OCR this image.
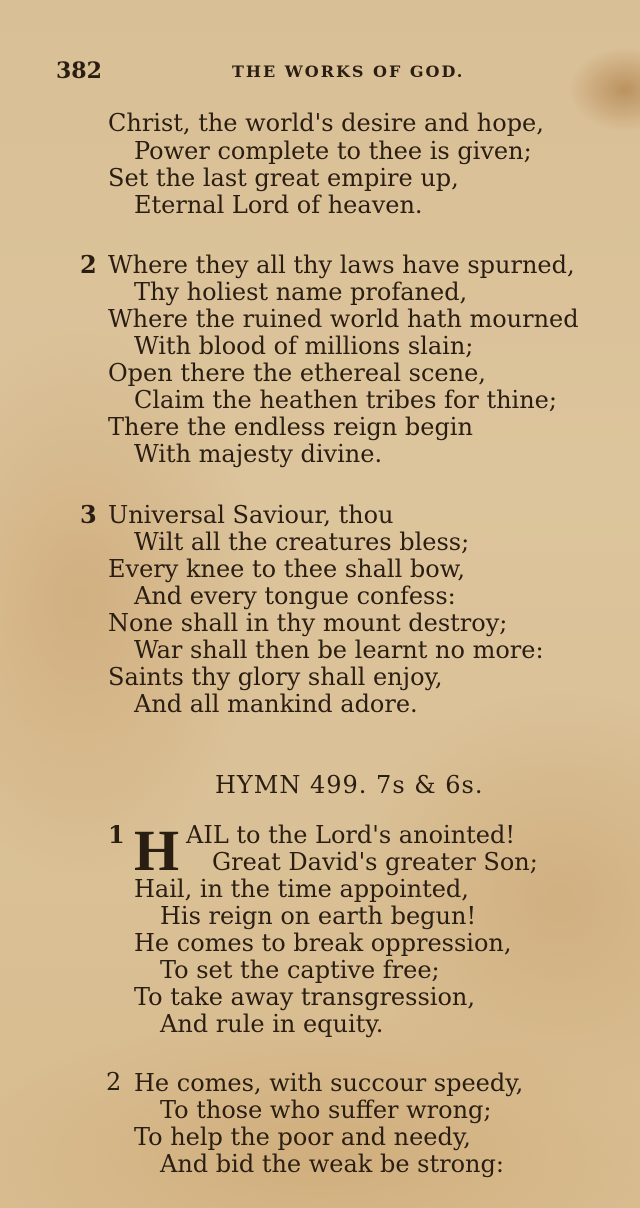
382	THE WORKS OF GOD.
Christ, the world's desire and hope,
Power complete to thee is given;
Set the last great empire up,
Eternal Lord of heaven.
2 Where they all thy laws have spurned,
Thy holiest name profaned,
Where the ruined world hath mourned
With blood of millions slain;
Open there the ethereal scene,
Claim the heathen tribes for thine;
There the endless reign begin
With majesty divine.
3 Universal Saviour, thou
Wilt all the creatures bless;
Every knee to thee shall bow,
And every tongue confess:
None shall in thy mount destroy;
War shall then be learnt no more:
Saints thy glory shall enjoy,
And all mankind adore.
HYMN 499. 7s & 6s.
1 H AIL to the Lord's anointed!
Great David's greater Son;
Hail, in the time appointed,
His reign on earth begun!
He comes to break oppression,
To set the captive free;
To take away transgression,
And rule in equity.
2 He comes, with succour speedy,
To those who suffer wrong;
To help the poor and needy,
And bid the weak be strong:
